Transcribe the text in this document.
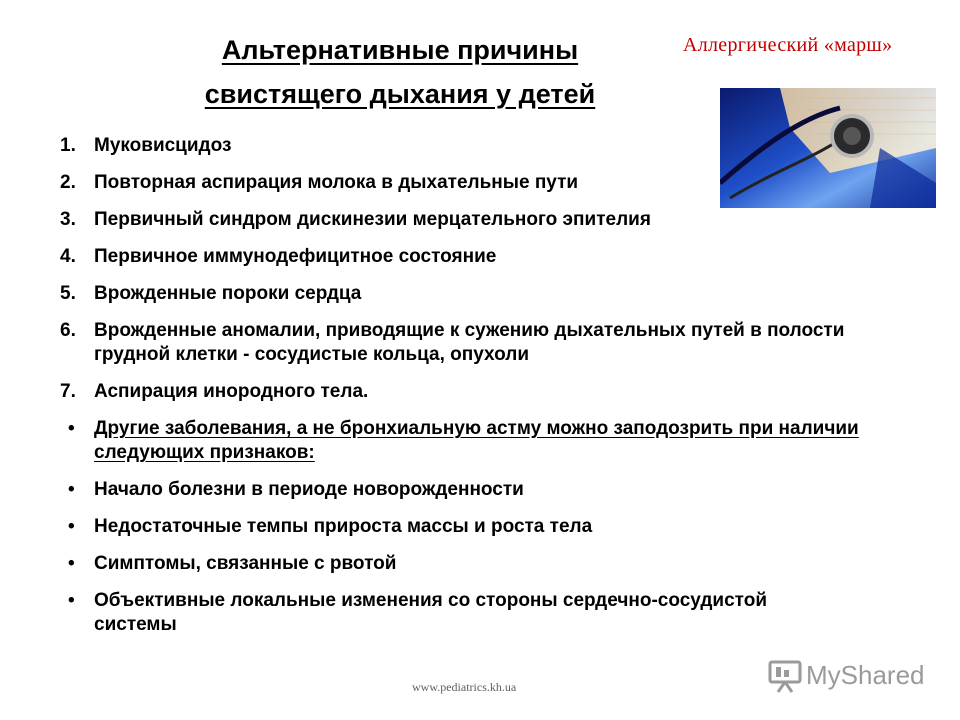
Альтернативные причины
свистящего дыхания у детей
Аллергический «марш»
1. Муковисцидоз
2. Повторная аспирация молока в дыхательные пути
3. Первичный синдром дискинезии мерцательного эпителия
4. Первичное иммунодефицитное состояние
5. Врожденные пороки сердца
6. Врожденные аномалии, приводящие к сужению дыхательных путей в полости грудной клетки - сосудистые кольца, опухоли
7. Аспирация инородного тела.
•	Другие заболевания, а не бронхиальную астму можно заподозрить при наличии следующих признаков:
•	Начало болезни в периоде новорожденности
•	Недостаточные темпы прироста массы и роста тела
•	Симптомы, связанные с рвотой
•	Объективные локальные изменения со стороны сердечно-сосудистой системы
www.pediatrics.kh.ua	MyShared
